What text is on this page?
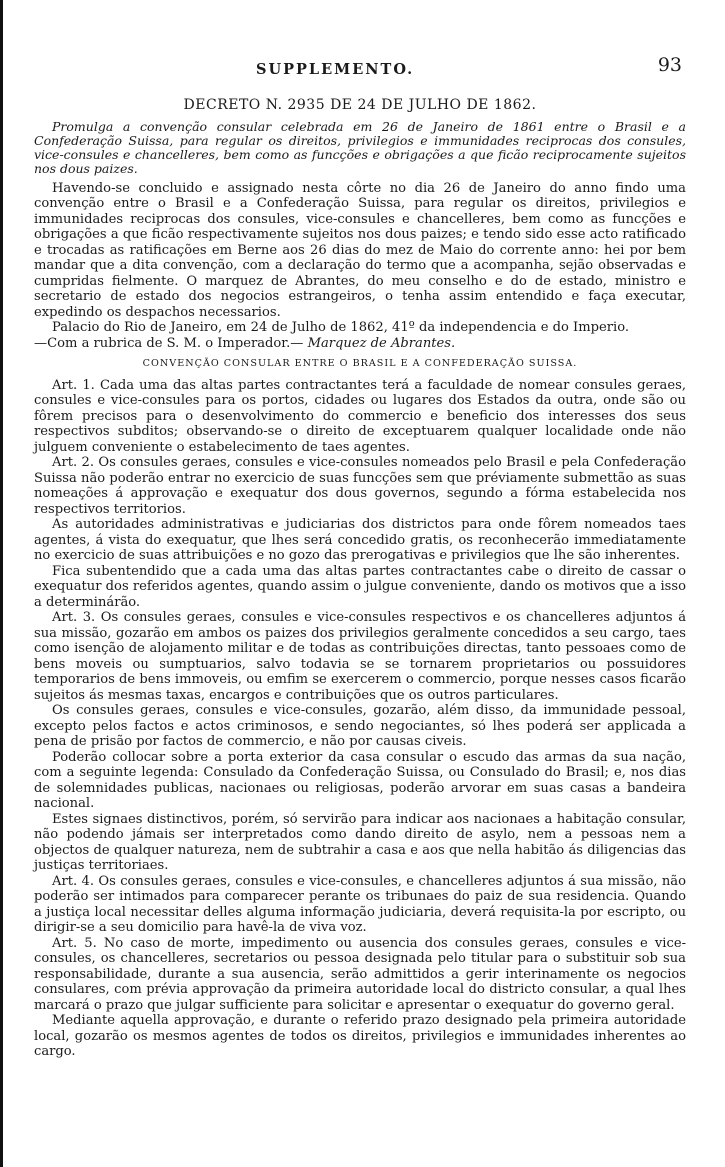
SUPPLEMENTO.	93
DECRETO N. 2935 DE 24 DE JULHO DE 1862.

Promulga a convenção consular celebrada em 26 de Janeiro de 1861 entre o Brasil e a Confederação Suissa, para regular os direitos, privilegios e immunidades reciprocas dos consules, vice-consules e chancelleres, bem como as funcções e obrigações a que ficão reciprocamente sujeitos nos dous paizes.

Havendo-se concluido e assignado nesta côrte no dia 26 de Janeiro do anno findo uma convenção entre o Brasil e a Confederação Suissa, para regular os direitos, privilegios e immunidades reciprocas dos consules, vice-consules e chancelleres, bem como as funcções e obrigações a que ficão respectivamente sujeitos nos dous paizes; e tendo sido esse acto ratificado e trocadas as ratificações em Berne aos 26 dias do mez de Maio do corrente anno: hei por bem mandar que a dita convenção, com a declaração do termo que a acompanha, sejão observadas e cumpridas fielmente. O marquez de Abrantes, do meu conselho e do de estado, ministro e secretario de estado dos negocios estrangeiros, o tenha assim entendido e faça executar, expedindo os despachos necessarios.

Palacio do Rio de Janeiro, em 24 de Julho de 1862, 41º da independencia e do Imperio.

—Com a rubrica de S. M. o Imperador.— Marquez de Abrantes.

CONVENÇÃO CONSULAR ENTRE O BRASIL E A CONFEDERAÇÃO SUISSA.

Art. 1. Cada uma das altas partes contractantes terá a faculdade de nomear consules geraes, consules e vice-consules para os portos, cidades ou lugares dos Estados da outra, onde são ou fôrem precisos para o desenvolvimento do commercio e beneficio dos interesses dos seus respectivos subditos; observando-se o direito de exceptuarem qualquer localidade onde não julguem conveniente o estabelecimento de taes agentes.

Art. 2. Os consules geraes, consules e vice-consules nomeados pelo Brasil e pela Confederação Suissa não poderão entrar no exercicio de suas funcções sem que préviamente submettão as suas nomeações á approvação e exequatur dos dous governos, segundo a fórma estabelecida nos respectivos territorios.

As autoridades administrativas e judiciarias dos districtos para onde fôrem nomeados taes agentes, á vista do exequatur, que lhes será concedido gratis, os reconhecerão immediatamente no exercicio de suas attribuições e no gozo das prerogativas e privilegios que lhe são inherentes.

Fica subentendido que a cada uma das altas partes contractantes cabe o direito de cassar o exequatur dos referidos agentes, quando assim o julgue conveniente, dando os motivos que a isso a determinárão.

Art. 3. Os consules geraes, consules e vice-consules respectivos e os chancelleres adjuntos á sua missão, gozarão em ambos os paizes dos privilegios geralmente concedidos a seu cargo, taes como isenção de alojamento militar e de todas as contribuições directas, tanto pessoaes como de bens moveis ou sumptuarios, salvo todavia se se tornarem proprietarios ou possuidores temporarios de bens immoveis, ou emfim se exercerem o commercio, porque nesses casos ficarão sujeitos ás mesmas taxas, encargos e contribuições que os outros particulares.

Os consules geraes, consules e vice-consules, gozarão, além disso, da immunidade pessoal, excepto pelos factos e actos criminosos, e sendo negociantes, só lhes poderá ser applicada a pena de prisão por factos de commercio, e não por causas civeis.

Poderão collocar sobre a porta exterior da casa consular o escudo das armas da sua nação, com a seguinte legenda: Consulado da Confederação Suissa, ou Consulado do Brasil; e, nos dias de solemnidades publicas, nacionaes ou religiosas, poderão arvorar em suas casas a bandeira nacional.

Estes signaes distinctivos, porém, só servirão para indicar aos nacionaes a habitação consular, não podendo jámais ser interpretados como dando direito de asylo, nem a pessoas nem a objectos de qualquer natureza, nem de subtrahir a casa e aos que nella habitão ás diligencias das justiças territoriaes.

Art. 4. Os consules geraes, consules e vice-consules, e chancelleres adjuntos á sua missão, não poderão ser intimados para comparecer perante os tribunaes do paiz de sua residencia. Quando a justiça local necessitar delles alguma informação judiciaria, deverá requisita-la por escripto, ou dirigir-se a seu domicilio para havê-la de viva voz.

Art. 5. No caso de morte, impedimento ou ausencia dos consules geraes, consules e vice-consules, os chancelleres, secretarios ou pessoa designada pelo titular para o substituir sob sua responsabilidade, durante a sua ausencia, serão admittidos a gerir interinamente os negocios consulares, com prévia approvação da primeira autoridade local do districto consular, a qual lhes marcará o prazo que julgar sufficiente para solicitar e apresentar o exequatur do governo geral.

Mediante aquella approvação, e durante o referido prazo designado pela primeira autoridade local, gozarão os mesmos agentes de todos os direitos, privilegios e immunidades inherentes ao cargo.
